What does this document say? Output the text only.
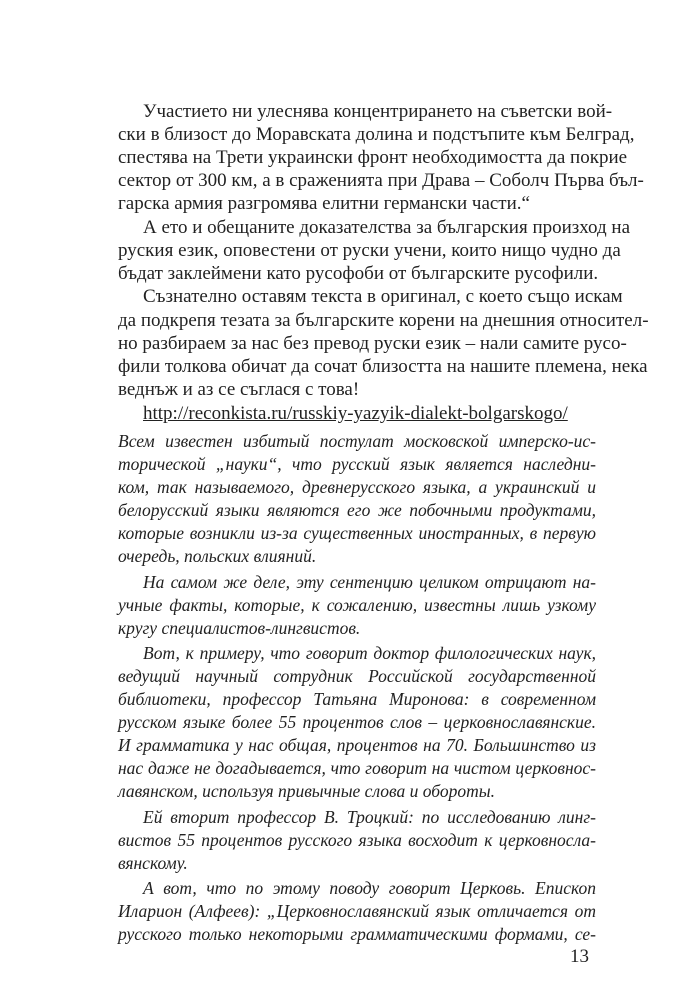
Участието ни улеснява концентрирането на съветски вой-
ски в близост до Моравската долина и подстъпите към Белград,
спестява на Трети украински фронт необходимостта да покрие
сектор от 300 км, а в сраженията при Драва – Соболч Първа бъл-
гарска армия разгромява елитни германски части.“
А ето и обещаните доказателства за българския произход на
руския език, оповестени от руски учени, които нищо чудно да
бъдат заклеймени като русофоби от българските русофили.
Съзнателно оставям текста в оригинал, с което също искам
да подкрепя тезата за българските корени на днешния относител-
но разбираем за нас без превод руски език – нали самите русо-
фили толкова обичат да сочат близостта на нашите племена, нека
веднъж и аз се съглася с това!
http://reconkista.ru/russkiy-yazyik-dialekt-bolgarskogo/
Всем известен избитый постулат московской имперско-ис-
торической „науки“, что русский язык является наследни-
ком, так называемого, древнерусского языка, а украинский и
белорусский языки являются его же побочными продуктами,
которые возникли из-за существенных иностранных, в первую
очередь, польских влияний.
На самом же деле, эту сентенцию целиком отрицают на-
учные факты, которые, к сожалению, известны лишь узкому
кругу специалистов-лингвистов.
Вот, к примеру, что говорит доктор филологических наук,
ведущий научный сотрудник Российской государственной
библиотеки, профессор Татьяна Миронова: в современном
русском языке более 55 процентов слов – церковнославянские.
И грамматика у нас общая, процентов на 70. Большинство из
нас даже не догадывается, что говорит на чистом церковнос-
лавянском, используя привычные слова и обороты.
Ей вторит профессор В. Троцкий: по исследованию линг-
вистов 55 процентов русского языка восходит к церковносла-
вянскому.
А вот, что по этому поводу говорит Церковь. Епископ
Иларион (Алфеев): „Церковнославянский язык отличается от
русского только некоторыми грамматическими формами, се-
13
